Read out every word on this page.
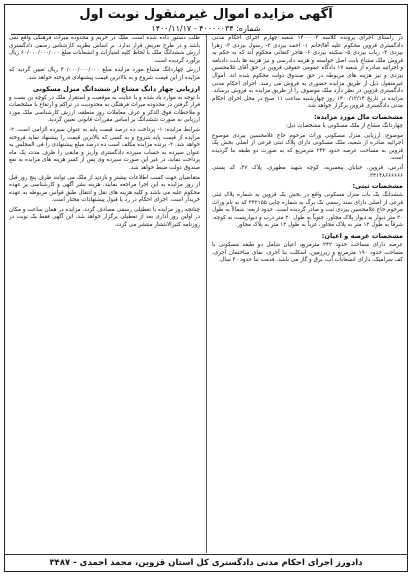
آگهی مزایده اموال غیرمنقول نوبت اول
۱۴۰۰/۱۱/۱۷ - شماره: ۴۰۰۰۰۰۳۴

در راستای اجرای پرونده کلاسه ۱۴۰۰۰۰۳ شعبه چهارم اجرای احکام مدنی دادگستری قزوین محکوم علیه آقا/خانم ۱- احمد بیزدی ۲- رسول بیزدی ۳- زهرا بیزدی ۴- رباب بیزدی ۵- سکینه بیزدی ۶- هاجر کنعانی محکوم اند که به حکم به فروش ملک مشاع بابت اصل خواسته و هزینه دادرسی و نیز هزینه ها بابت دادنامه و اجرائیه صادره از شعبه ۱۷ دادگاه عمومی حقوقی قزوین در حق آقای غلامحسین بیزدی و نیز هزینه های مربوطه در حق صندوق دولت محکوم شده اند. اموال غیرمنقول ذیل از طریق مزایده حضوری به فروش می رسد. اجرای احکام مدنی دادگستری قزوین در نظر دارد ملک موصوف را از طریق مزایده به فروش برساند. مزایده در تاریخ ۱۴۰۰/۱۲/۱۴ روز چهارشنبه ساعت ۱۱ صبح در محل اجرای احکام مدنی دادگستری قزوین برگزار خواهد شد.

مشخصات مال مورد مزایده:

چهاردانگ مشاع از ملک مسکونی با مشخصات ذیل:

موضوع: ارزیابی منزل مسکونی وراث مرحوم حاج غلامحسین بیزدی موضوع اجرائیه صادره از شعبه، ملک مسکونی دارای پلاک ثبتی فرعی از اصلی بخش یک قزوین به مساحت عرصه حدود ۲۴۲ مترمربع که به صورت دو طبقه بنا گردیده است.

آدرس: قزوین، خیابان پیغمبریه، کوچه شهید مطهری، پلاک ۲۷، کد پستی ۳۴۱۴۸۶۶۶۶۶۶.

مشخصات ثبتی:

ششدانگ یک باب منزل مسکونی واقع در بخش یک قزوین به شماره پلاک ثبتی فرعی از اصلی دارای سند رسمی تک برگ به شماره چاپی ۳۴۲۱۵۵ که به نام وراث مرحوم حاج غلامحسین بیزدی ثبت و صادر گردیده است. حدود اربعه: شمالاً به طول ۲۰ متر دیوار به دیوار پلاک مجاور، جنوباً به طول ۲۰ متر درب و دیواریست به کوچه، شرقاً به طول ۱۲ متر به پلاک مجاور، غرباً به طول ۱۲ متر به پلاک مجاور.

مشخصات عرصه و اعیان:

عرصه دارای مساحت حدود ۲۴۲ مترمربع، اعیان شامل دو طبقه مسکونی با مساحت حدود ۱۹۰ مترمربع و زیرزمین، اسکلت بنا آجری، نمای ساختمان آجری، کف سرامیک، دارای انشعابات آب، برق و گاز می باشد. قدمت بنا حدود ۴۰ سال.

طلب دستور داده شده است. ملک در حریم و محدوده میراث فرهنگی واقع نمی باشد و در طرح تعریض قرار ندارد. بر اساس نظریه کارشناس رسمی دادگستری ارزش ششدانگ ملک با لحاظ کلیه امتیازات و انشعابات مبلغ ۶۰/۰۰۰/۰۰۰/۰۰۰ ریال برآورد گردیده است.

ارزش چهاردانگ مشاع مورد مزایده مبلغ ۴۰/۰۰۰/۰۰۰/۰۰۰ ریال تعیین گردید که مزایده از این قیمت شروع و به بالاترین قیمت پیشنهادی فروخته خواهد شد.

ارزیابی چهار دانگ مشاع از ششدانگ منزل مسکونی

با توجه به موارد یاد شده و با عنایت به موقعیت و استقرار ملک در کوچه بن بست و قرار گرفتن در محدوده میراث فرهنگی به محدودیت در تراکم و ارتفاع با مشخصات و ملاحظات فوق الذکر و عرف معاملات روز منطقه، ارزش کارشناسی ملک مورد ارزیابی به صورت ششدانگ بر اساس مقررات قانونی تعیین گردید.

شرایط مزایده: ۱- پرداخت ده درصد قیمت پایه به عنوان سپرده الزامی است. ۲- مزایده از قیمت پایه شروع و به کسی که بالاترین قیمت را پیشنهاد نماید فروخته خواهد شد. ۳- برنده مزایده مکلف است ده درصد مبلغ پیشنهادی را فی المجلس به عنوان سپرده به حساب سپرده دادگستری واریز و مابقی را ظرف مدت یک ماه پرداخت نماید، در غیر این صورت سپرده وی پس از کسر هزینه های مزایده به نفع صندوق دولت ضبط خواهد شد.

متقاضیان جهت کسب اطلاعات بیشتر و بازدید از ملک می توانند ظرف پنج روز قبل از روز مزایده به این اجرا مراجعه نمایند. هزینه نشر آگهی و کارشناسی بر عهده محکوم علیه می باشد و کلیه هزینه های نقل و انتقال طبق قوانین مربوطه به عهده خریدار است. اجرای احکام در رد یا قبول پیشنهادات مختار است.

چنانچه روز مزایده با تعطیلی رسمی مصادف گردد، مزایده در همان ساعت و مکان در اولین روز اداری بعد از تعطیلی برگزار خواهد شد. این آگهی فقط یک نوبت در روزنامه کثیرالانتشار منتشر می گردد.

دادورز اجرای احکام مدنی دادگستری کل استان قزوین، محمد احمدی - ۳۴۸۷
